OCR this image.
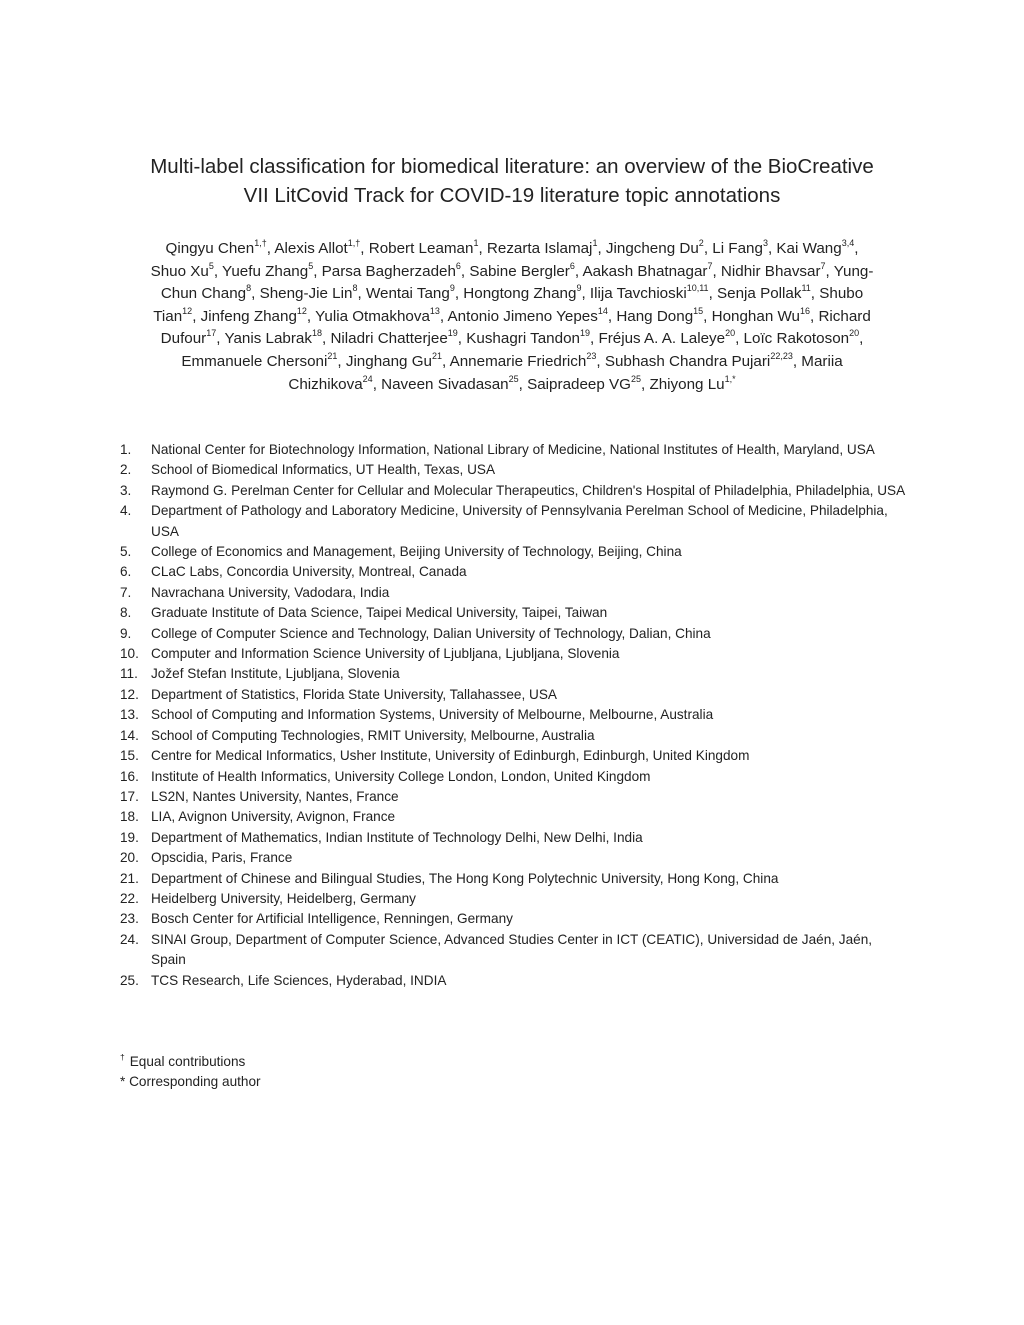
Multi-label classification for biomedical literature: an overview of the BioCreative
VII LitCovid Track for COVID-19 literature topic annotations
Qingyu Chen$^{1,\dagger}$, Alexis Allot$^{1,\dagger}$, Robert Leaman$^1$, Rezarta Islamaj$^1$, Jingcheng Du$^2$, Li Fang$^3$, Kai Wang$^{3,4}$,
Shuo Xu$^5$, Yuefu Zhang$^5$, Parsa Bagherzadeh$^6$, Sabine Bergler$^6$, Aakash Bhatnagar$^7$, Nidhir Bhavsar$^7$, Yung-
Chun Chang$^8$, Sheng-Jie Lin$^8$, Wentai Tang$^9$, Hongtong Zhang$^9$, Ilija Tavchioski$^{10,11}$, Senja Pollak$^{11}$, Shubo
Tian$^{12}$, Jinfeng Zhang$^{12}$, Yulia Otmakhova$^{13}$, Antonio Jimeno Yepes$^{14}$, Hang Dong$^{15}$, Honghan Wu$^{16}$, Richard
Dufour$^{17}$, Yanis Labrak$^{18}$, Niladri Chatterjee$^{19}$, Kushagri Tandon$^{19}$, Fréjus A. A. Laleye$^{20}$, Loïc Rakotoson$^{20}$,
Emmanuele Chersoni$^{21}$, Jinghang Gu$^{21}$, Annemarie Friedrich$^{23}$, Subhash Chandra Pujari$^{22,23}$, Mariia
Chizhikova$^{24}$, Naveen Sivadasan$^{25}$, Saipradeep VG$^{25}$, Zhiyong $Lu^{1,*}$
1. National Center for Biotechnology Information, National Library of Medicine, National Institutes of Health, Maryland, USA
2. School of Biomedical Informatics, UT Health, Texas, USA
3. Raymond G. Perelman Center for Cellular and Molecular Therapeutics, Children's Hospital of Philadelphia, Philadelphia, USA
4. Department of Pathology and Laboratory Medicine, University of Pennsylvania Perelman School of Medicine, Philadelphia, USA
5. College of Economics and Management, Beijing University of Technology, Beijing, China
6. CLaC Labs, Concordia University, Montreal, Canada
7. Navrachana University, Vadodara, India
8. Graduate Institute of Data Science, Taipei Medical University, Taipei, Taiwan
9. College of Computer Science and Technology, Dalian University of Technology, Dalian, China
10. Computer and Information Science University of Ljubljana, Ljubljana, Slovenia
11. Jožef Stefan Institute, Ljubljana, Slovenia
12. Department of Statistics, Florida State University, Tallahassee, USA
13. School of Computing and Information Systems, University of Melbourne, Melbourne, Australia
14. School of Computing Technologies, RMIT University, Melbourne, Australia
15. Centre for Medical Informatics, Usher Institute, University of Edinburgh, Edinburgh, United Kingdom
16. Institute of Health Informatics, University College London, London, United Kingdom
17. LS2N, Nantes University, Nantes, France
18. LIA, Avignon University, Avignon, France
19. Department of Mathematics, Indian Institute of Technology Delhi, New Delhi, India
20. Opscidia, Paris, France
21. Department of Chinese and Bilingual Studies, The Hong Kong Polytechnic University, Hong Kong, China
22. Heidelberg University, Heidelberg, Germany
23. Bosch Center for Artificial Intelligence, Renningen, Germany
24. SINAI Group, Department of Computer Science, Advanced Studies Center in ICT (CEATIC), Universidad de Jaén, Jaén, Spain
25. TCS Research, Life Sciences, Hyderabad, INDIA
† Equal contributions
* Corresponding author
